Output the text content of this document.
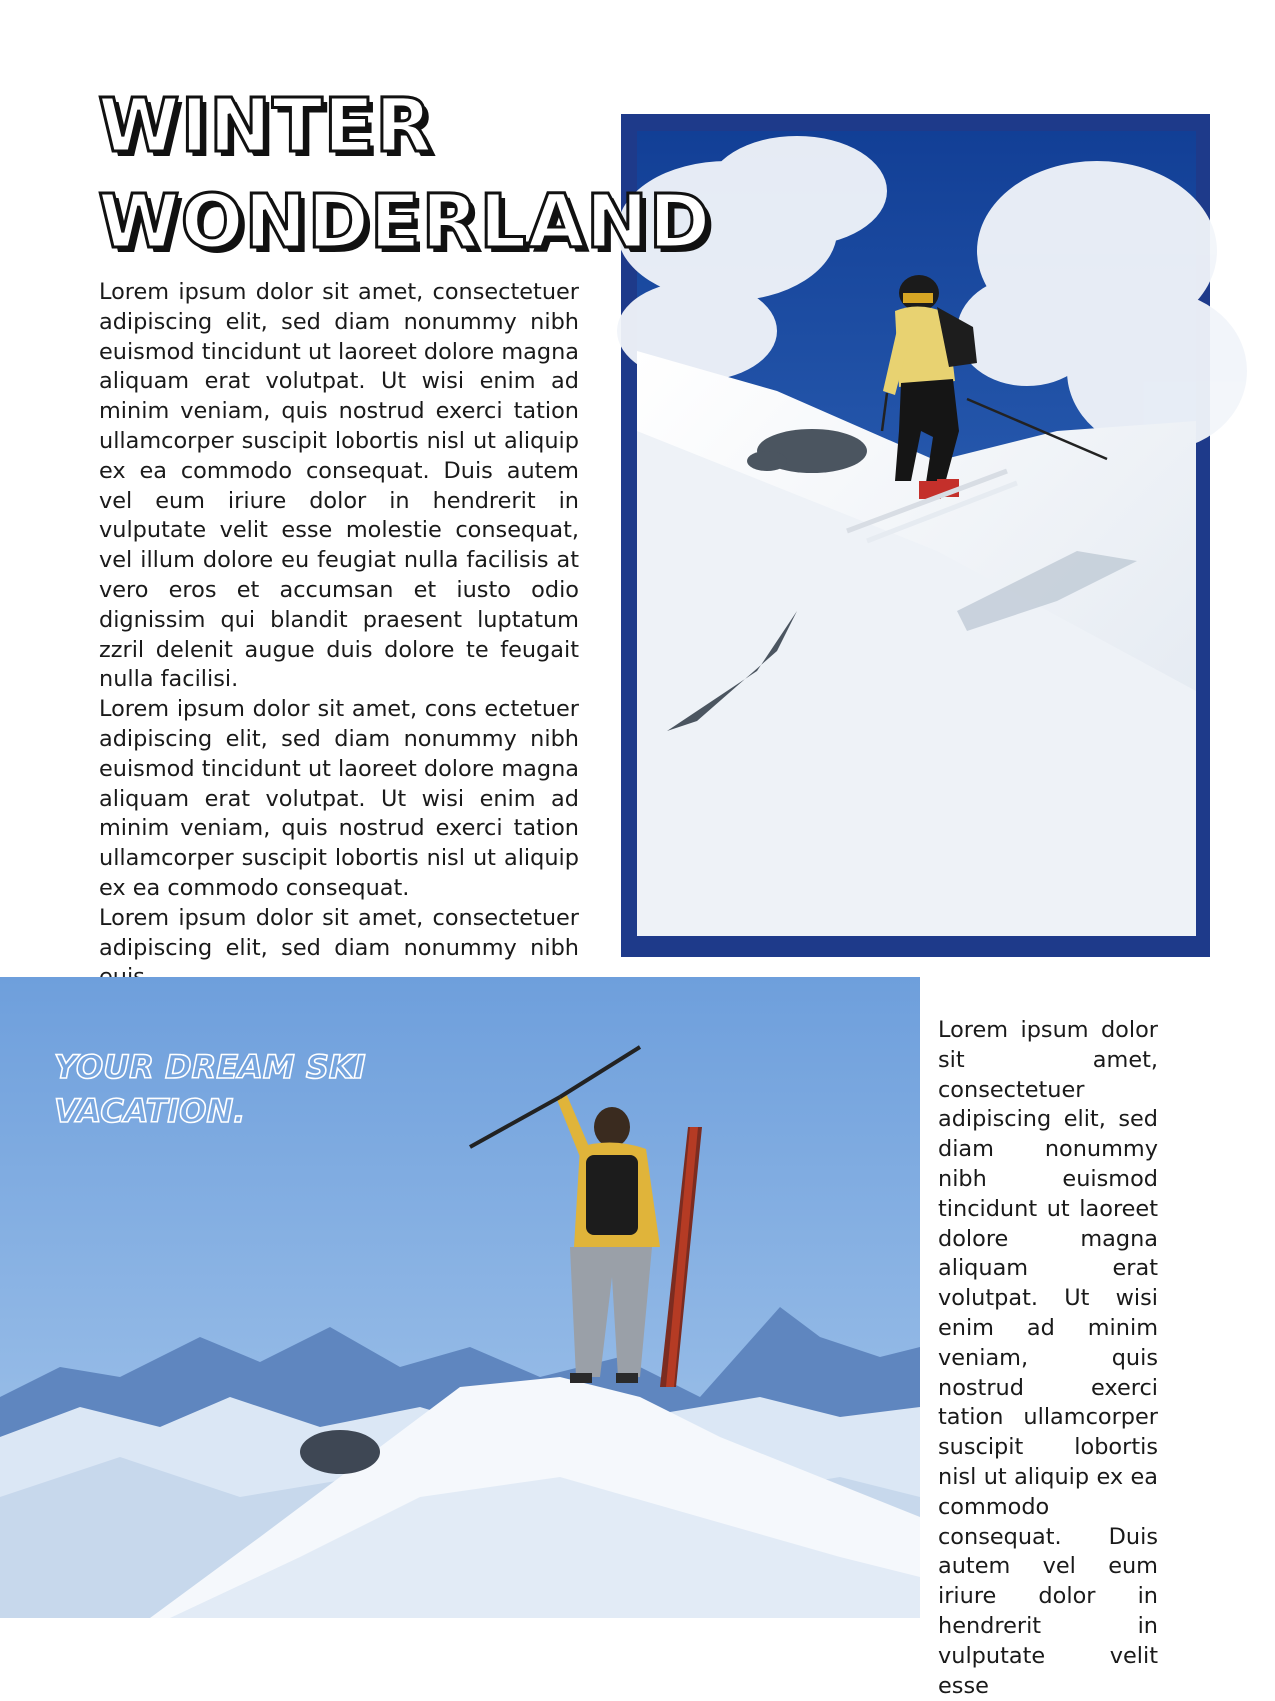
WINTER
WONDERLAND

Lorem ipsum dolor sit amet, consectetuer adipiscing elit, sed diam nonummy nibh euismod tincidunt ut laoreet dolore magna aliquam erat volutpat. Ut wisi enim ad minim veniam, quis nostrud exerci tation ullamcorper suscipit lobortis nisl ut aliquip ex ea commodo consequat. Duis autem vel eum iriure dolor in hendrerit in vulputate velit esse molestie consequat, vel illum dolore eu feugiat nulla facilisis at vero eros et accumsan et iusto odio dignissim qui blandit praesent luptatum zzril delenit augue duis dolore te feugait nulla facilisi.

Lorem ipsum dolor sit amet, cons ectetuer adipiscing elit, sed diam nonummy nibh euismod tincidunt ut laoreet dolore magna aliquam erat volutpat. Ut wisi enim ad minim veniam, quis nostrud exerci tation ullamcorper suscipit lobortis nisl ut aliquip ex ea commodo consequat.

Lorem ipsum dolor sit amet, consectetuer adipiscing elit, sed diam nonummy nibh

YOUR DREAM SKI
VACATION.

Lorem ipsum dolor sit amet, consectetuer adipiscing elit, sed diam nonummy nibh euismod tincidunt ut laoreet dolore magna aliquam erat volutpat. Ut wisi enim ad minim veniam, quis nostrud exerci tation ullamcorper suscipit lobortis nisl ut aliquip ex ea commodo consequat. Duis autem vel eum iriure dolor in hendrerit in vulputate velit esse
